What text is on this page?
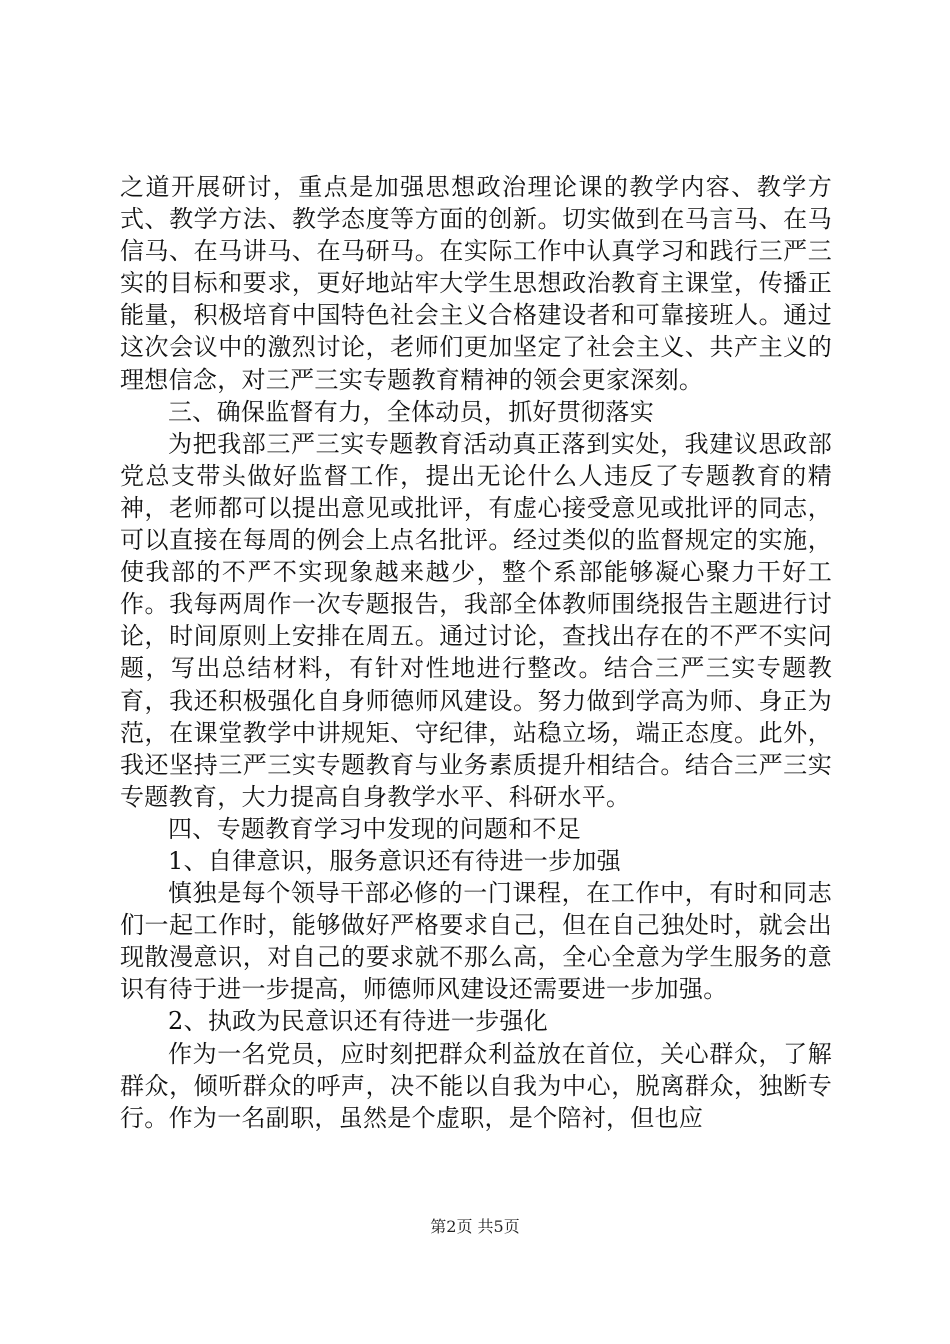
之道开展研讨，重点是加强思想政治理论课的教学内容、教学方式、教学方法、教学态度等方面的创新。切实做到在马言马、在马信马、在马讲马、在马研马。在实际工作中认真学习和践行三严三实的目标和要求，更好地站牢大学生思想政治教育主课堂，传播正能量，积极培育中国特色社会主义合格建设者和可靠接班人。通过这次会议中的激烈讨论，老师们更加坚定了社会主义、共产主义的理想信念，对三严三实专题教育精神的领会更家深刻。

三、确保监督有力，全体动员，抓好贯彻落实

为把我部三严三实专题教育活动真正落到实处，我建议思政部党总支带头做好监督工作，提出无论什么人违反了专题教育的精神，老师都可以提出意见或批评，有虚心接受意见或批评的同志，可以直接在每周的例会上点名批评。经过类似的监督规定的实施，使我部的不严不实现象越来越少，整个系部能够凝心聚力干好工作。我每两周作一次专题报告，我部全体教师围绕报告主题进行讨论，时间原则上安排在周五。通过讨论，查找出存在的不严不实问题，写出总结材料，有针对性地进行整改。结合三严三实专题教育，我还积极强化自身师德师风建设。努力做到学高为师、身正为范，在课堂教学中讲规矩、守纪律，站稳立场，端正态度。此外，我还坚持三严三实专题教育与业务素质提升相结合。结合三严三实专题教育，大力提高自身教学水平、科研水平。

四、专题教育学习中发现的问题和不足

1、自律意识，服务意识还有待进一步加强

慎独是每个领导干部必修的一门课程，在工作中，有时和同志们一起工作时，能够做好严格要求自己，但在自己独处时，就会出现散漫意识，对自己的要求就不那么高，全心全意为学生服务的意识有待于进一步提高，师德师风建设还需要进一步加强。

2、执政为民意识还有待进一步强化

作为一名党员，应时刻把群众利益放在首位，关心群众，了解群众，倾听群众的呼声，决不能以自我为中心，脱离群众，独断专行。作为一名副职，虽然是个虚职，是个陪衬，但也应

第2页 共5页
